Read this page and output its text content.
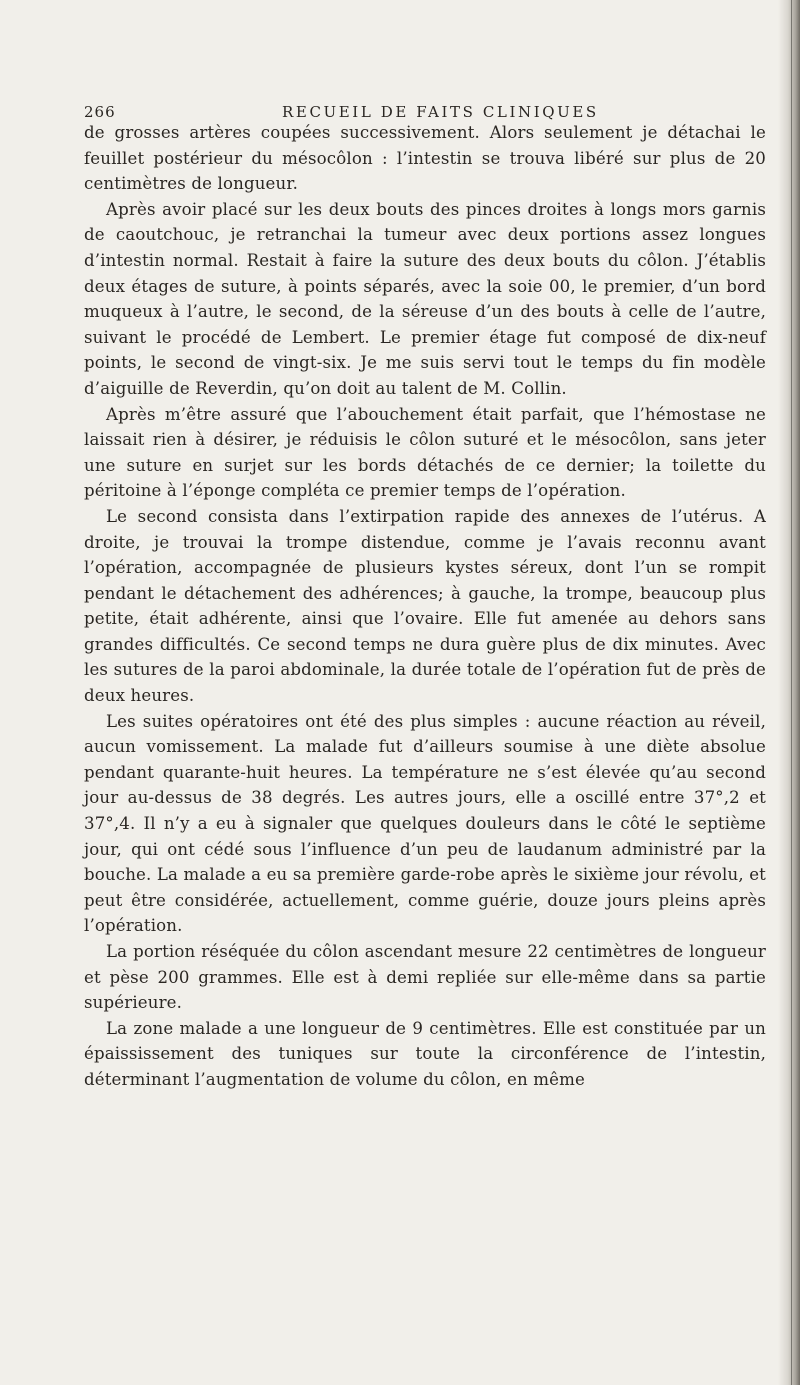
266	RECUEIL DE FAITS CLINIQUES

de grosses artères coupées successivement. Alors seulement je détachai le feuillet postérieur du mésocôlon : l’intestin se trouva libéré sur plus de 20 centimètres de longueur.

Après avoir placé sur les deux bouts des pinces droites à longs mors garnis de caoutchouc, je retranchai la tumeur avec deux portions assez longues d’intestin normal. Restait à faire la suture des deux bouts du côlon. J’établis deux étages de suture, à points séparés, avec la soie 00, le premier, d’un bord muqueux à l’autre, le second, de la séreuse d’un des bouts à celle de l’autre, suivant le procédé de Lembert. Le premier étage fut composé de dix-neuf points, le second de vingt-six. Je me suis servi tout le temps du fin modèle d’aiguille de Reverdin, qu’on doit au talent de M. Collin.

Après m’être assuré que l’abouchement était parfait, que l’hémostase ne laissait rien à désirer, je réduisis le côlon suturé et le mésocôlon, sans jeter une suture en surjet sur les bords détachés de ce dernier; la toilette du péritoine à l’éponge compléta ce premier temps de l’opération.

Le second consista dans l’extirpation rapide des annexes de l’utérus. A droite, je trouvai la trompe distendue, comme je l’avais reconnu avant l’opération, accompagnée de plusieurs kystes séreux, dont l’un se rompit pendant le détachement des adhérences; à gauche, la trompe, beaucoup plus petite, était adhérente, ainsi que l’ovaire. Elle fut amenée au dehors sans grandes difficultés. Ce second temps ne dura guère plus de dix minutes. Avec les sutures de la paroi abdominale, la durée totale de l’opération fut de près de deux heures.

Les suites opératoires ont été des plus simples : aucune réaction au réveil, aucun vomissement. La malade fut d’ailleurs soumise à une diète absolue pendant quarante-huit heures. La température ne s’est élevée qu’au second jour au-dessus de 38 degrés. Les autres jours, elle a oscillé entre 37°,2 et 37°,4. Il n’y a eu à signaler que quelques douleurs dans le côté le septième jour, qui ont cédé sous l’influence d’un peu de laudanum administré par la bouche. La malade a eu sa première garde-robe après le sixième jour révolu, et peut être considérée, actuellement, comme guérie, douze jours pleins après l’opération.

La portion réséquée du côlon ascendant mesure 22 centimètres de longueur et pèse 200 grammes. Elle est à demi repliée sur elle-même dans sa partie supérieure.

La zone malade a une longueur de 9 centimètres. Elle est constituée par un épaississement des tuniques sur toute la circonférence de l’intestin, déterminant l’augmentation de volume du côlon, en même
